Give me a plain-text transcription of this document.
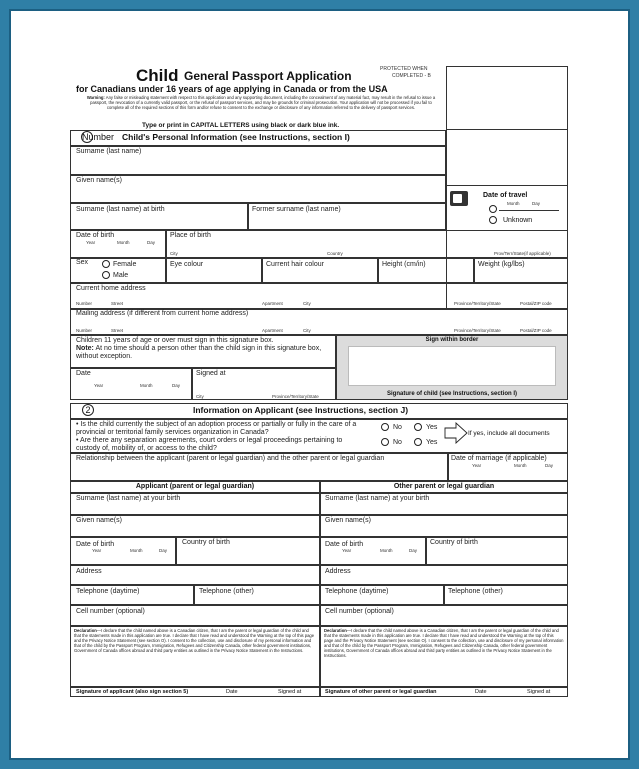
Child General Passport Application
for Canadians under 16 years of age applying in Canada or from the USA
PROTECTED WHEN
COMPLETED - B
Warning: Any false or misleading statement with respect to this application and any supporting document, including the concealment of any material fact, may result in the refusal to issue a passport, the revocation of a currently valid passport, or the refusal of passport services, and may be grounds for criminal prosecution. Your application will not be processed if you fail to complete all of the required sections of this form and/or refuse to consent to the exchange or disclosure of any information referred to the delivery of passport services.
Type or print in CAPITAL LETTERS using black or dark blue ink.
Date of travel
Month	Day
Unknown
Number Child's Personal Information (see Instructions, section I)
Surname (last name)
Given name(s)
Surname (last name) at birth	Former surname (last name)
Date of birth
Year	Month	Day
Place of birth
City	Country	Prov/Terr/State(if applicable)
Sex	Female
Male
Eye colour	Current hair colour	Height (cm/in)	Weight (kg/lbs)
Current home address
Number	Street	Apartment	City	Province/Territory/State	Postal/ZIP code
Mailing address (if different from current home address)
Number	Street	Apartment	City	Province/Territory/State	Postal/ZIP code
Children 11 years of age or over must sign in this signature box.
Note: At no time should a person other than the child sign in this signature box, without exception.
Date
Year	Month	Day
Signed at
City	Province/Territory/State
Sign within border
Signature of child (see Instructions, section I)
2	Information on Applicant (see Instructions, section J)
• Is the child currently the subject of an adoption process or partially or fully in the care of a provincial or territorial family services organization in Canada?
• Are there any separation agreements, court orders or legal proceedings pertaining to custody of, mobility of, or access to the child?
No	Yes
No	Yes
If yes, include all documents
Relationship between the applicant (parent or legal guardian) and the other parent or legal guardian	Date of marriage (if applicable)
Year	Month	Day
Applicant (parent or legal guardian)
Surname (last name) at your birth
Given name(s)
Date of birth
Year	Month	Day
Country of birth
Address
Telephone (daytime)	Telephone (other)
Cell number (optional)
Declaration—I declare that the child named above is a Canadian citizen, that I am the parent or legal guardian of the child and that the statements made in this application are true. I declare that I have read and understood the Warning at the top of this page and the Privacy Notice Statement (see section O). I consent to the collection, use and disclosure of my personal information and that of the child by the Passport Program, Immigration, Refugees and Citizenship Canada, other federal government institutions, Government of Canada offices abroad and third party entities as outlined in the Privacy Notice Statement in the Instructions.
Signature of applicant (also sign section 5)	Date	Signed at
Other parent or legal guardian
Surname (last name) at your birth
Given name(s)
Date of birth
Year	Month	Day
Country of birth
Address
Telephone (daytime)	Telephone (other)
Cell number (optional)
Declaration—I declare that the child named above is a Canadian citizen, that I am the parent or legal guardian of the child and that the statements made in this application are true. I declare that I have read and understood the Warning at the top of this page and the Privacy Notice Statement (see section O). I consent to the collection, use and disclosure of my personal information and that of the child by the Passport Program, Immigration, Refugees and Citizenship Canada, other federal government institutions, Government of Canada offices abroad and third party entities as outlined in the Privacy Notice Statement in the Instructions.
Signature of other parent or legal guardian	Date	Signed at
